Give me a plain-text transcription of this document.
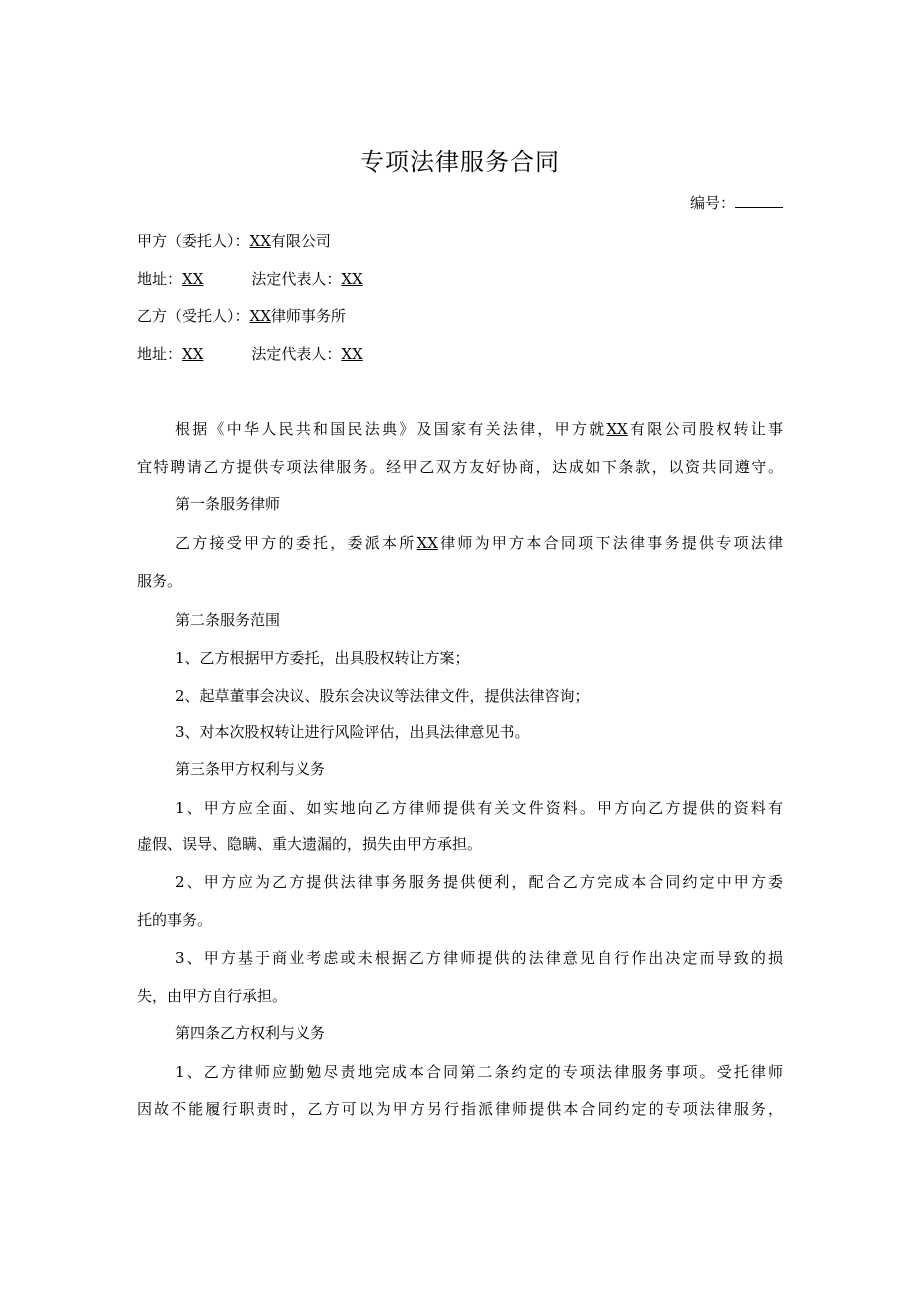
专项法律服务合同
编号：
甲方（委托人）：XX有限公司
地址：XX	法定代表人：XX
乙方（受托人）：XX律师事务所
地址：XX	法定代表人：XX
根据《中华人民共和国民法典》及国家有关法律，甲方就XX有限公司股权转让事
宜特聘请乙方提供专项法律服务。经甲乙双方友好协商，达成如下条款，以资共同遵守。
第一条服务律师
乙方接受甲方的委托，委派本所XX律师为甲方本合同项下法律事务提供专项法律
服务。
第二条服务范围
1、乙方根据甲方委托，出具股权转让方案；
2、起草董事会决议、股东会决议等法律文件，提供法律咨询；
3、对本次股权转让进行风险评估，出具法律意见书。
第三条甲方权利与义务
1、甲方应全面、如实地向乙方律师提供有关文件资料。甲方向乙方提供的资料有
虚假、误导、隐瞒、重大遗漏的，损失由甲方承担。
2、甲方应为乙方提供法律事务服务提供便利，配合乙方完成本合同约定中甲方委
托的事务。
3、甲方基于商业考虑或未根据乙方律师提供的法律意见自行作出决定而导致的损
失，由甲方自行承担。
第四条乙方权利与义务
1、乙方律师应勤勉尽责地完成本合同第二条约定的专项法律服务事项。受托律师
因故不能履行职责时，乙方可以为甲方另行指派律师提供本合同约定的专项法律服务，
